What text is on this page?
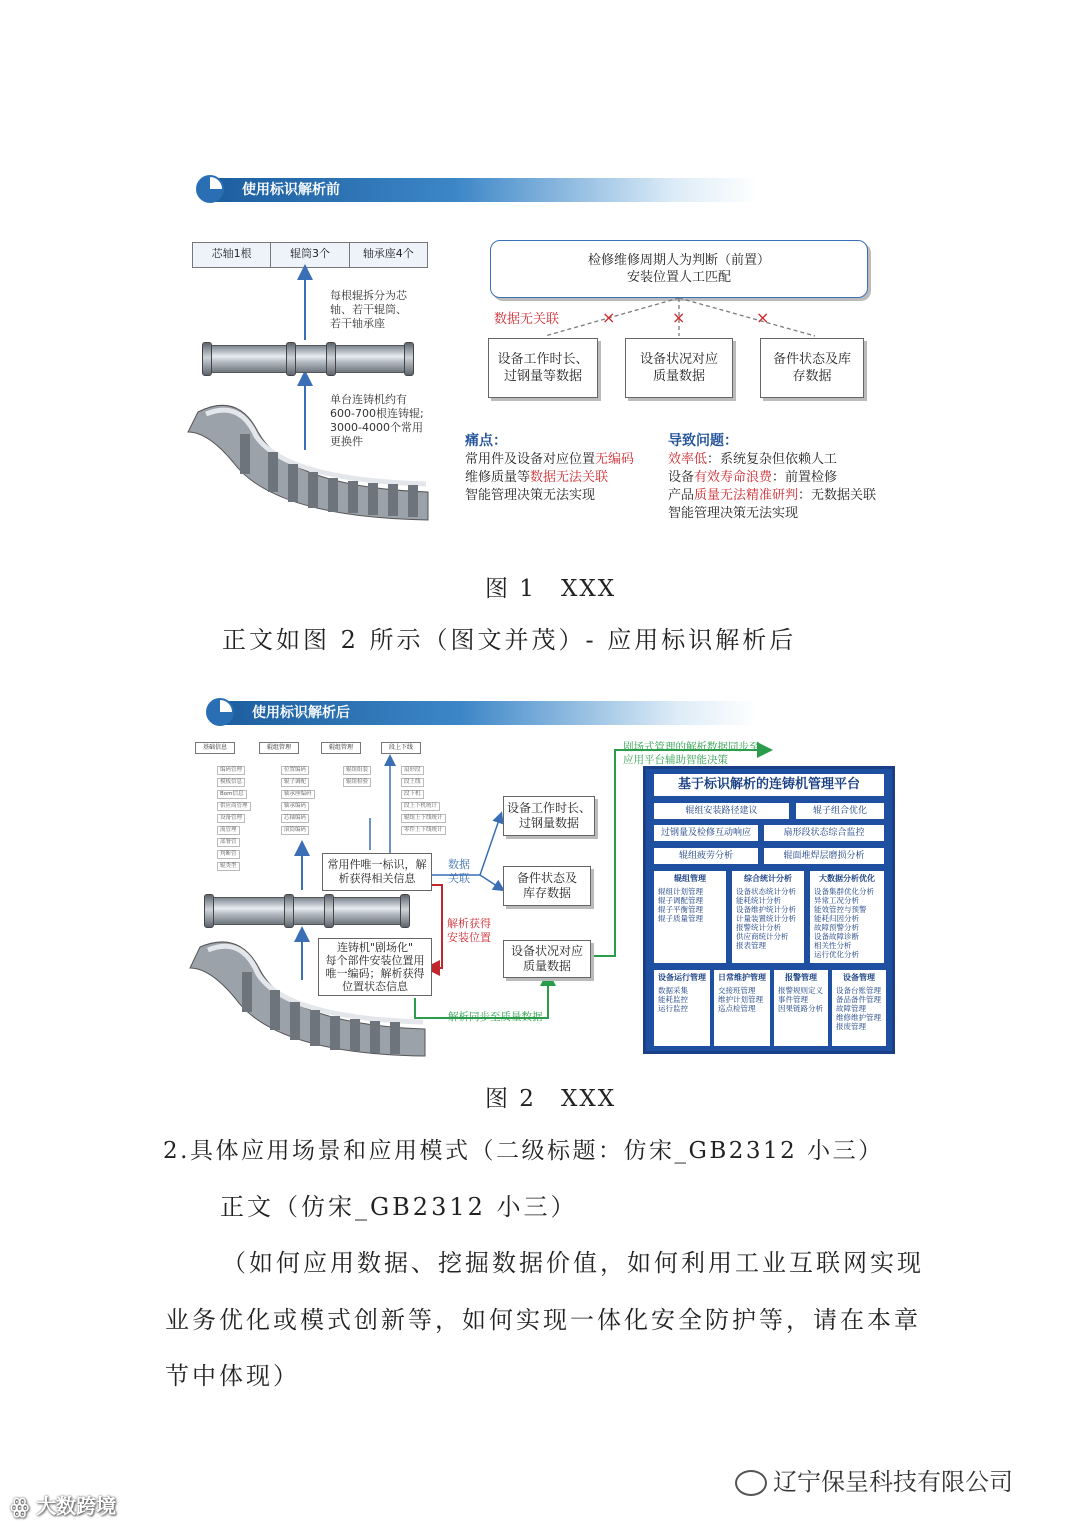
使用标识解析前
芯轴1根	辊筒3个	轴承座4个
每根辊拆分为芯
轴、若干辊筒、
若干轴承座
单台连铸机约有
600-700根连铸辊;
3000-4000个常用
更换件
检修维修周期人为判断（前置）
安装位置人工匹配
数据无关联	×	×	×
设备工作时长、
过钢量等数据
设备状况对应
质量数据
备件状态及库
存数据
痛点：
常用件及设备对应位置无编码
维修质量等数据无法关联
智能管理决策无法实现
导致问题：
效率低：系统复杂但依赖人工
设备有效寿命浪费：前置检修
产品质量无法精准研判：无数据关联
智能管理决策无法实现
图 1　XXX
正文如图 2 所示（图文并茂）- 应用标识解析后
使用标识解析后
基础信息	辊组管理	辊组管理	段上下线
编码管理
模板信息
Bom信息
供应商管理
设备管理
流管理
部署管
判断管
辊类型
位置编码
辊子调配
轴承座编码
轴承编码
芯轴编码
滚筒编码
辊组组装
辊组检验
扇形段
段上线
段下机
段上下机统计
辊组上下线统计
零件上下线统计
常用件唯一标识，解
析获得相关信息
连铸机"剧场化"
每个部件安装位置用
唯一编码；解析获得
位置状态信息
数据
关联
解析获得
安装位置
设备工作时长、
过钢量数据
备件状态及
库存数据
设备状况对应
质量数据
剧场式管理的解析数据同步至
应用平台辅助智能决策
解析同步至质量数据
基于标识解析的连铸机管理平台
辊组安装路径建议	辊子组合优化
过钢量及检修互动响应	扇形段状态综合监控
辊组疲劳分析	辊面堆焊层磨损分析
辊组管理
辊组计划管理
辊子调配管理
辊子平衡管理
辊子质量管理
综合统计分析
设备状态统计分析
能耗统计分析
设备维护统计分析
计量装置统计分析
报警统计分析
供应商统计分析
报表管理
大数据分析优化
设备集群优化分析
异常工况分析
能效管控与预警
能耗归因分析
故障预警分析
设备故障诊断
相关性分析
运行优化分析
设备运行管理
数据采集
能耗监控
运行监控
日常维护管理
交接班管理
维护计划管理
巡点检管理
报警管理
报警规则定义
事件管理
因果链路分析
设备管理
设备台账管理
备品备件管理
故障管理
维修维护管理
报废管理
图 2　XXX
2.具体应用场景和应用模式（二级标题：仿宋_GB2312 小三）
正文（仿宋_GB2312 小三）
（如何应用数据、挖掘数据价值，如何利用工业互联网实现
业务优化或模式创新等，如何实现一体化安全防护等，请在本章
节中体现）
ꙮ 大数跨境
辽宁保呈科技有限公司
